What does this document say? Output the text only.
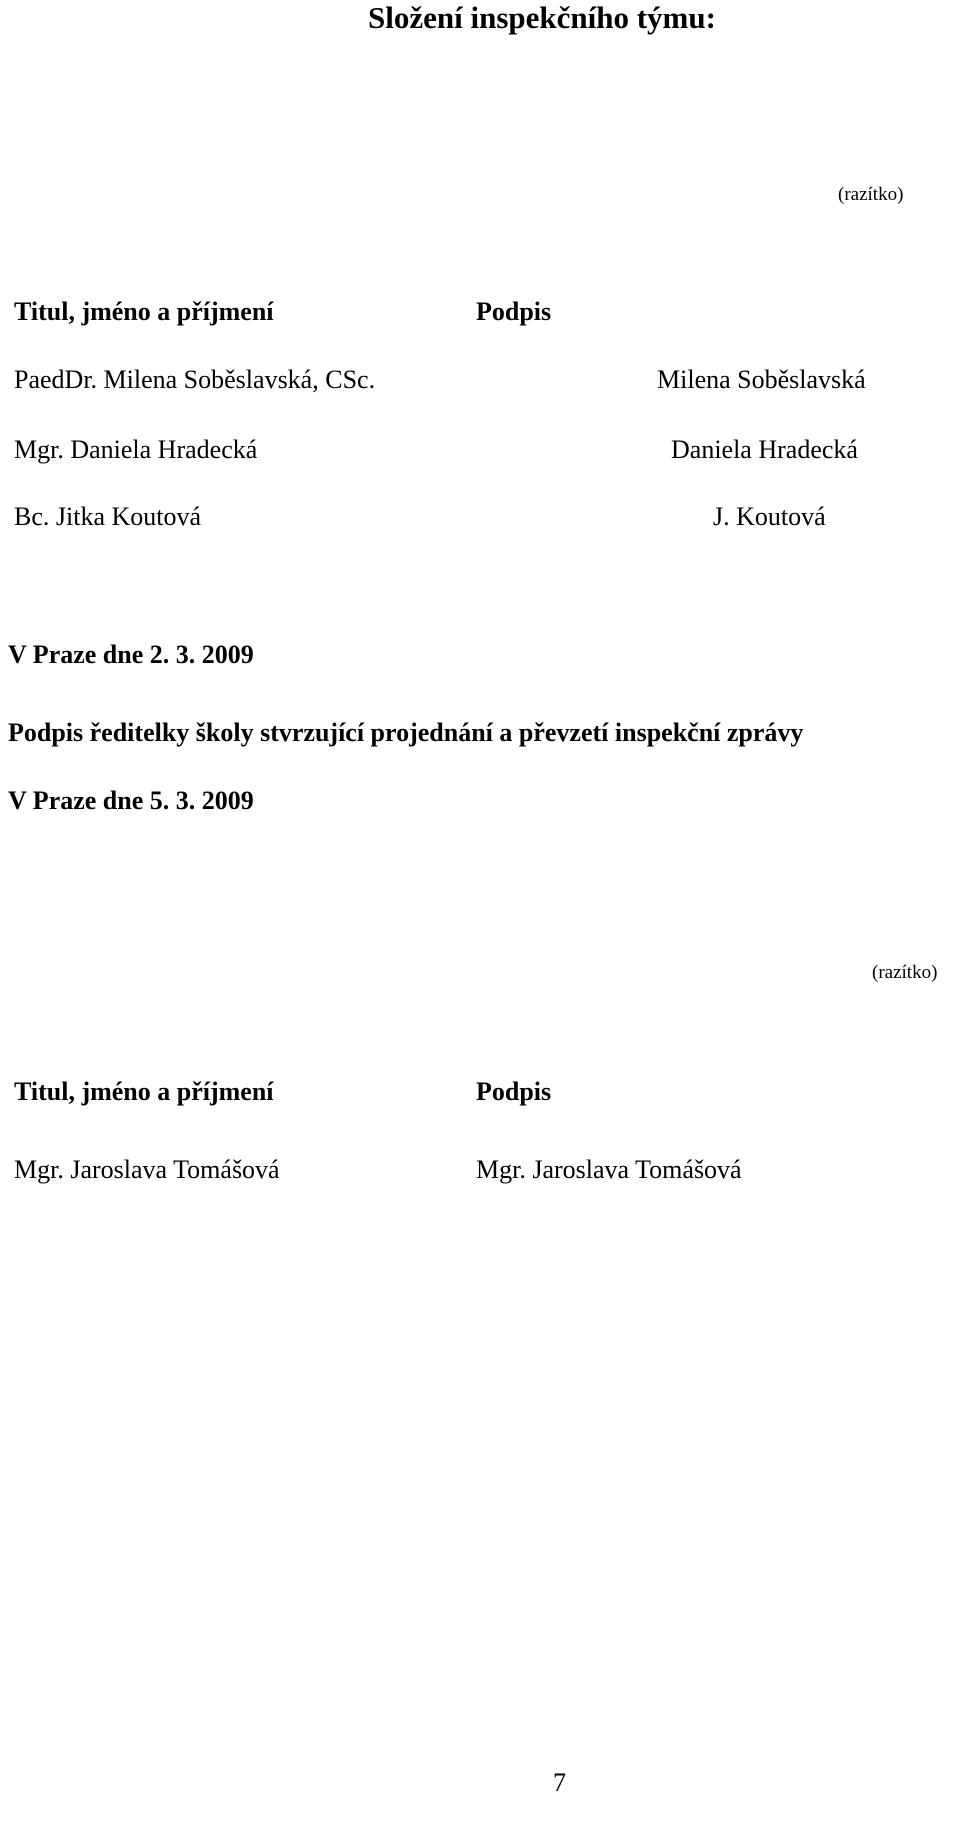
Složení inspekčního týmu:
(razítko)
Titul, jméno a příjmení	Podpis
PaedDr. Milena Soběslavská, CSc.	Milena Soběslavská
Mgr. Daniela Hradecká	Daniela Hradecká
Bc. Jitka Koutová	J. Koutová
V Praze dne 2. 3. 2009
Podpis ředitelky školy stvrzující projednání a převzetí inspekční zprávy
V Praze dne 5. 3. 2009
(razítko)
Titul, jméno a příjmení	Podpis
Mgr. Jaroslava Tomášová	Mgr. Jaroslava Tomášová
7
